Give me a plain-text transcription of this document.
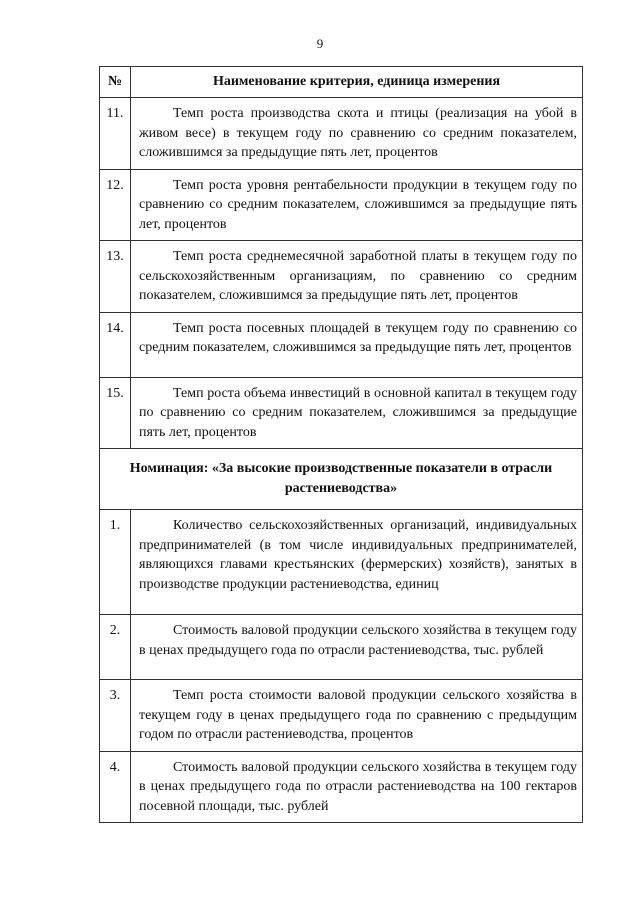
9
№	Наименование критерия, единица измерения
11.	Темп роста производства скота и птицы (реализация на убой в живом весе) в текущем году по сравнению со средним показателем, сложившимся за предыдущие пять лет, процентов

12.	Темп роста уровня рентабельности продукции в текущем году по сравнению со средним показателем, сложившимся за предыдущие пять лет, процентов

13.	Темп роста среднемесячной заработной платы в текущем году по сельскохозяйственным организациям, по сравнению со средним показателем, сложившимся за предыдущие пять лет, процентов

14.	Темп роста посевных площадей в текущем году по сравнению со средним показателем, сложившимся за предыдущие пять лет, процентов

15.	Темп роста объема инвестиций в основной капитал в текущем году по сравнению со средним показателем, сложившимся за предыдущие пять лет, процентов

Номинация: «За высокие производственные показатели в отрасли растениеводства»	
1.	Количество сельскохозяйственных организаций, индивидуальных предпринимателей (в том числе индивидуальных предпринимателей, являющихся главами крестьянских (фермерских) хозяйств), занятых в производстве продукции растениеводства, единиц

2.	Стоимость валовой продукции сельского хозяйства в текущем году в ценах предыдущего года по отрасли растениеводства, тыс. рублей

3.	Темп роста стоимости валовой продукции сельского хозяйства в текущем году в ценах предыдущего года по сравнению с предыдущим годом по отрасли растениеводства, процентов

4.	Стоимость валовой продукции сельского хозяйства в текущем году в ценах предыдущего года по отрасли растениеводства на 100 гектаров посевной площади, тыс. рублей
